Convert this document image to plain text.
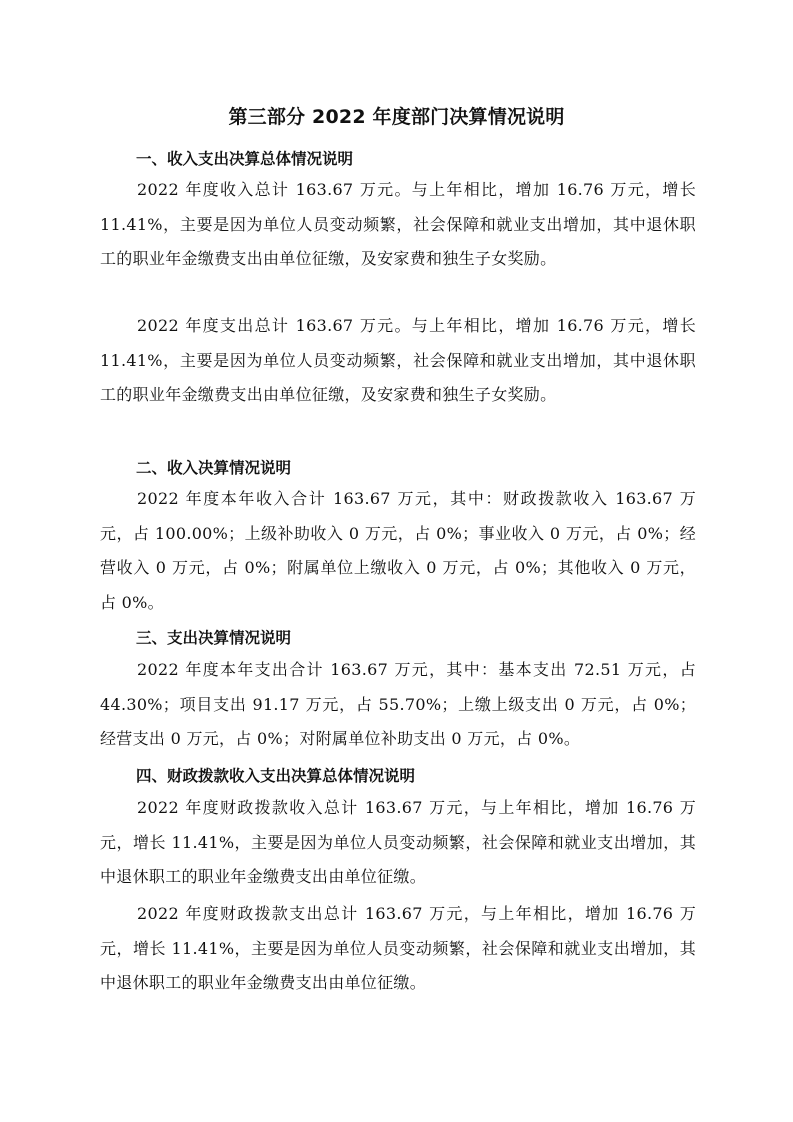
第三部分 2022 年度部门决算情况说明
一、收入支出决算总体情况说明
2022 年度收入总计 163.67 万元。与上年相比，增加 16.76 万元，增长 11.41%，主要是因为单位人员变动频繁，社会保障和就业支出增加，其中退休职工的职业年金缴费支出由单位征缴，及安家费和独生子女奖励。
2022 年度支出总计 163.67 万元。与上年相比，增加 16.76 万元，增长 11.41%，主要是因为单位人员变动频繁，社会保障和就业支出增加，其中退休职工的职业年金缴费支出由单位征缴，及安家费和独生子女奖励。
二、收入决算情况说明
2022 年度本年收入合计 163.67 万元，其中：财政拨款收入 163.67 万元，占 100.00%；上级补助收入 0 万元，占 0%；事业收入 0 万元，占 0%；经营收入 0 万元，占 0%；附属单位上缴收入 0 万元，占 0%；其他收入 0 万元，占 0%。
三、支出决算情况说明
2022 年度本年支出合计 163.67 万元，其中：基本支出 72.51 万元，占 44.30%；项目支出 91.17 万元，占 55.70%；上缴上级支出 0 万元，占 0%；经营支出 0 万元，占 0%；对附属单位补助支出 0 万元，占 0%。
四、财政拨款收入支出决算总体情况说明
2022 年度财政拨款收入总计 163.67 万元，与上年相比，增加 16.76 万元，增长 11.41%，主要是因为单位人员变动频繁，社会保障和就业支出增加，其中退休职工的职业年金缴费支出由单位征缴。
2022 年度财政拨款支出总计 163.67 万元，与上年相比，增加 16.76 万元，增长 11.41%，主要是因为单位人员变动频繁，社会保障和就业支出增加，其中退休职工的职业年金缴费支出由单位征缴。
